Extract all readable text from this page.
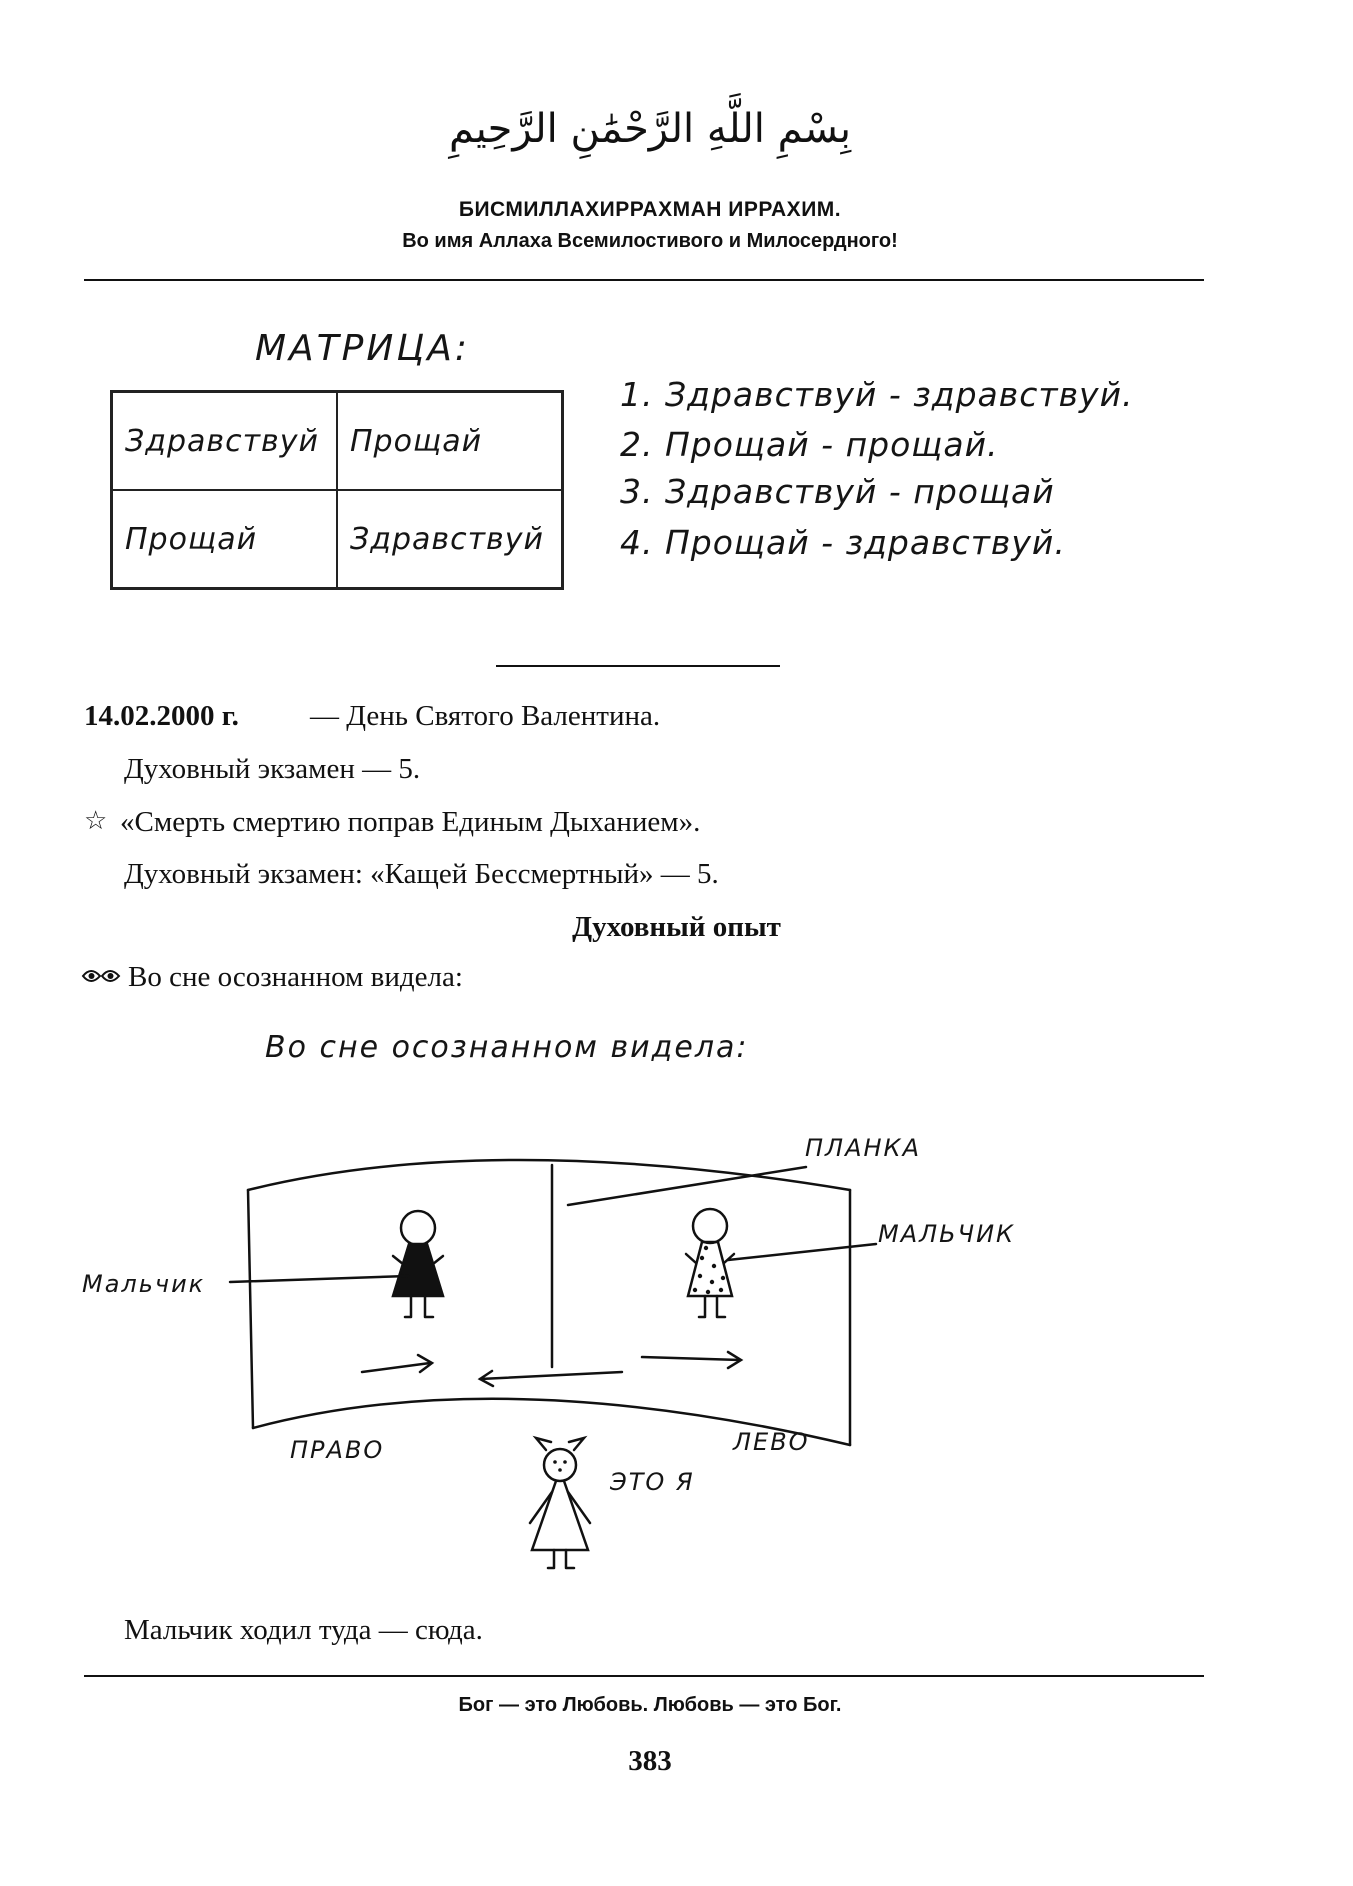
بِسْمِ اللَّهِ الرَّحْمَٰنِ الرَّحِيمِ
БИСМИЛЛАХИРРАХМАН ИРРАХИМ.
Во имя Аллаха Всемилостивого и Милосердного!
МАТРИЦА:
Здравствуй	Прощай
Прощай	Здравствуй
1. Здравствуй - здравствуй.
2. Прощай - прощай.
3. Здравствуй - прощай
4. Прощай - здравствуй.
14.02.2000 г. — День Святого Валентина.
Духовный экзамен — 5.
☆ «Смерть смертию поправ Единым Дыханием».
Духовный экзамен: «Кащей Бессмертный» — 5.
Духовный опыт
Во сне осознанном видела:
Во сне осознанном видела:
ПЛАНКА
МАЛЬЧИК
Мальчик
ПРАВО	ЛЕВО
ЭТО Я
Мальчик ходил туда — сюда.
Бог — это Любовь. Любовь — это Бог.
383
